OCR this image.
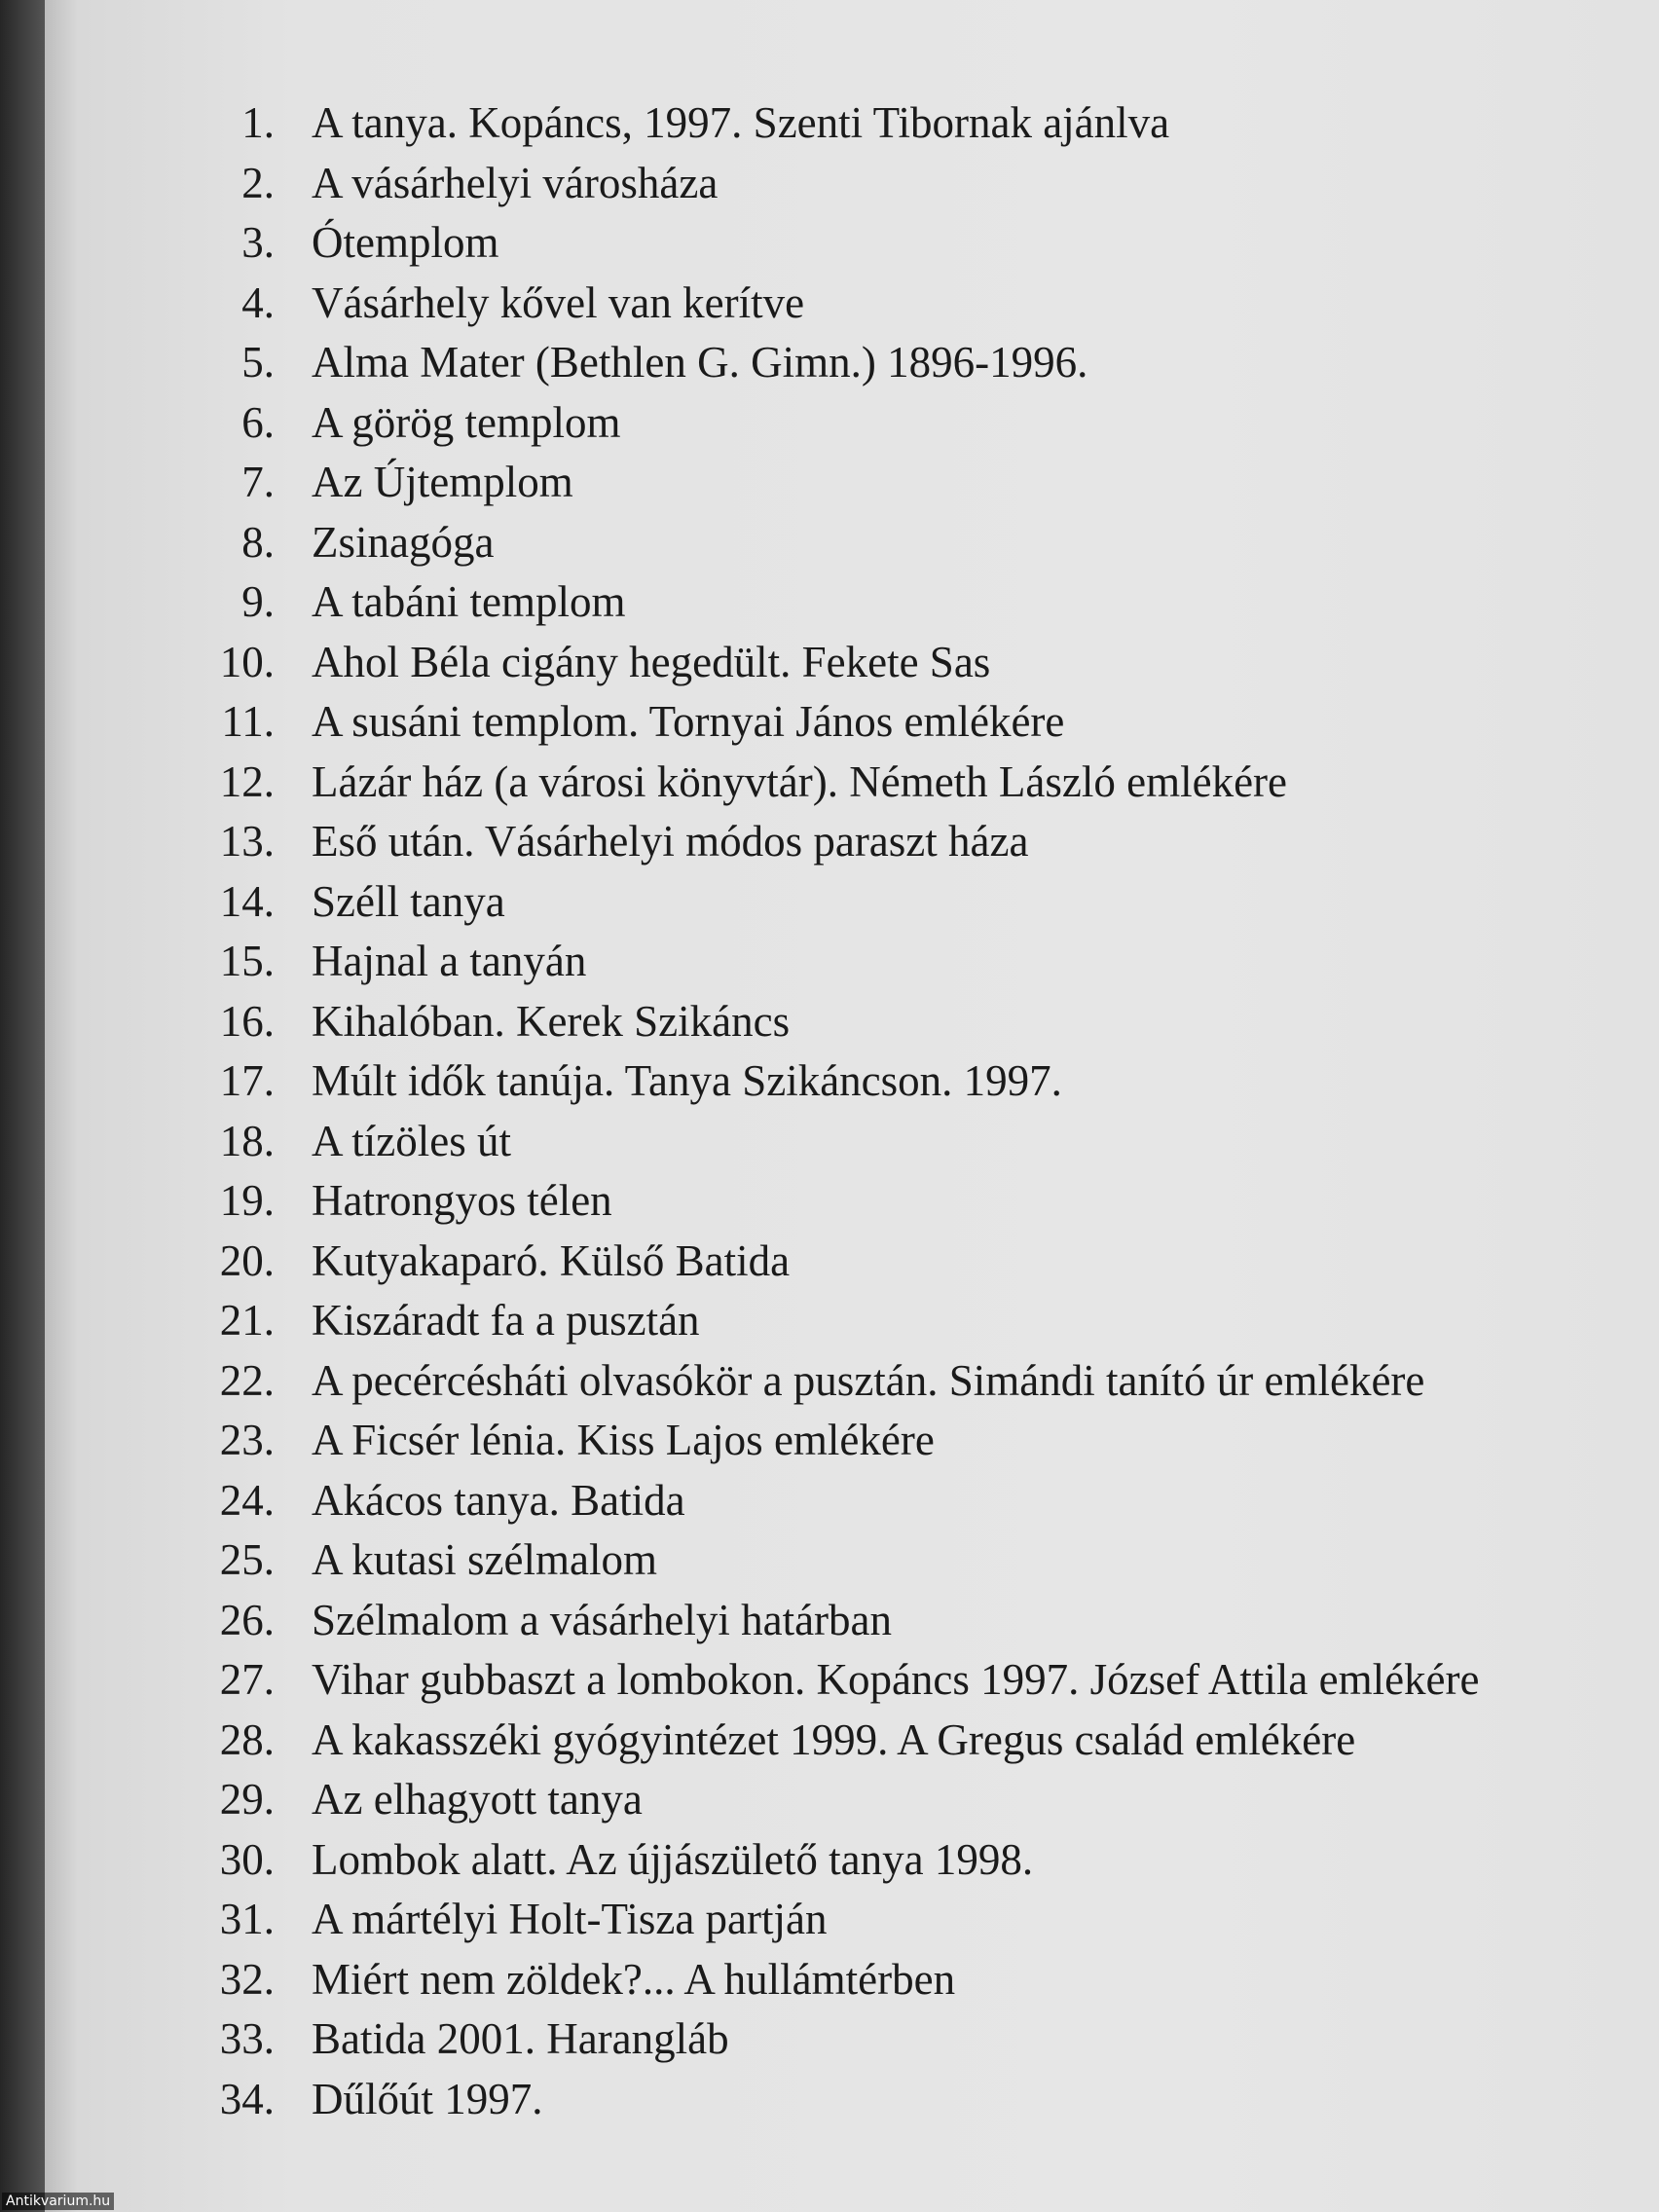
1. A tanya. Kopáncs, 1997. Szenti Tibornak ajánlva
2. A vásárhelyi városháza
3. Ótemplom
4. Vásárhely kővel van kerítve
5. Alma Mater (Bethlen G. Gimn.) 1896-1996.
6. A görög templom
7. Az Újtemplom
8. Zsinagóga
9. A tabáni templom
10. Ahol Béla cigány hegedült. Fekete Sas
11. A susáni templom. Tornyai János emlékére
12. Lázár ház (a városi könyvtár). Németh László emlékére
13. Eső után. Vásárhelyi módos paraszt háza
14. Széll tanya
15. Hajnal a tanyán
16. Kihalóban. Kerek Szikáncs
17. Múlt idők tanúja. Tanya Szikáncson. 1997.
18. A tízöles út
19. Hatrongyos télen
20. Kutyakaparó. Külső Batida
21. Kiszáradt fa a pusztán
22. A pecércésháti olvasókör a pusztán. Simándi tanító úr emlékére
23. A Ficsér lénia. Kiss Lajos emlékére
24. Akácos tanya. Batida
25. A kutasi szélmalom
26. Szélmalom a vásárhelyi határban
27. Vihar gubbaszt a lombokon. Kopáncs 1997. József Attila emlékére
28. A kakasszéki gyógyintézet 1999. A Gregus család emlékére
29. Az elhagyott tanya
30. Lombok alatt. Az újjászülető tanya 1998.
31. A mártélyi Holt-Tisza partján
32. Miért nem zöldek?... A hullámtérben
33. Batida 2001. Harangláb
34. Dűlőút 1997.
Antikvarium.hu
